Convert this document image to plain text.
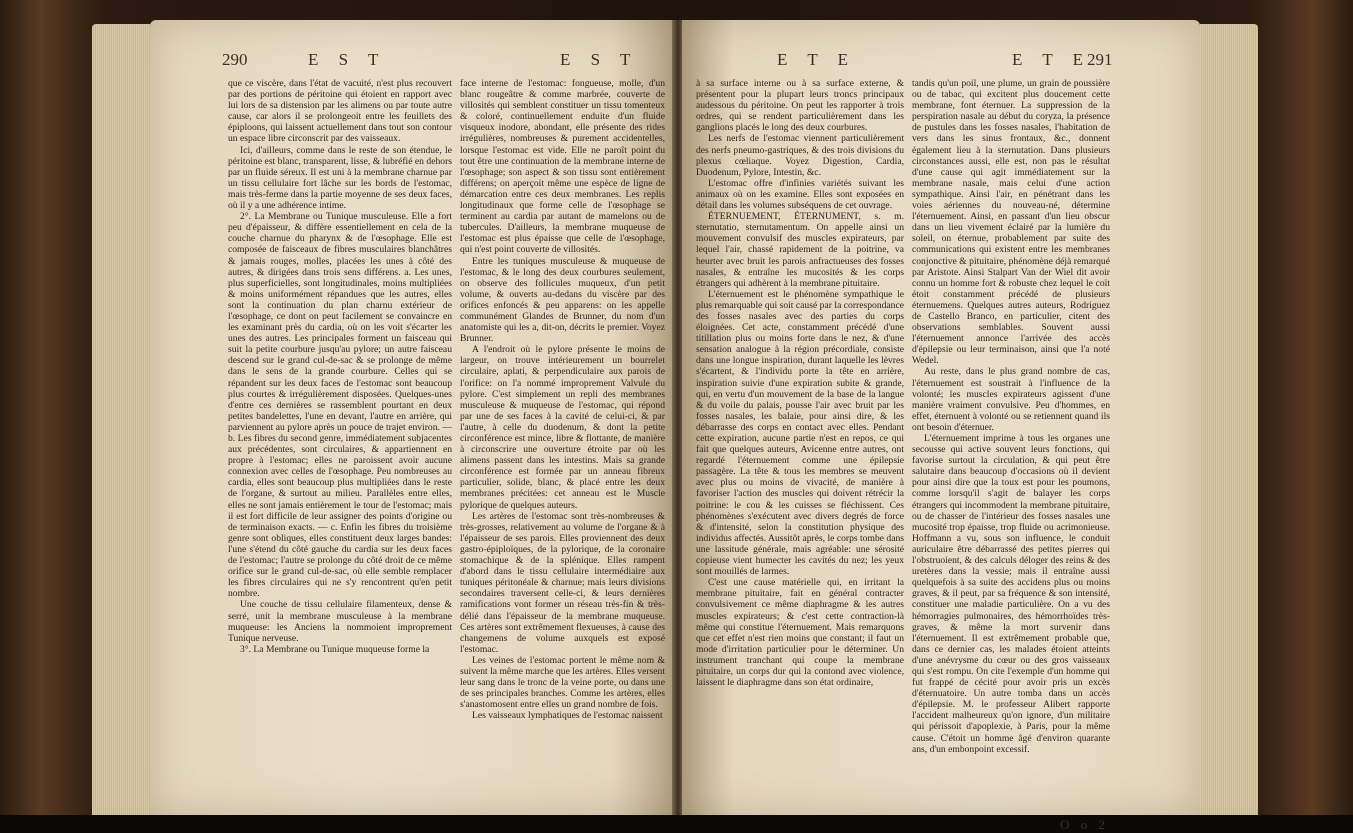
290	E S T	E S T

que ce viscère, dans l'état de vacuité, n'est plus recouvert par des portions de péritoine qui étoient en rapport avec lui lors de sa distension par les alimens ou par toute autre cause, car alors il se prolongeoit entre les feuillets des épiploons, qui laissent actuellement dans tout son contour un espace libre circonscrit par des vaisseaux.

Ici, d'ailleurs, comme dans le reste de son étendue, le péritoine est blanc, transparent, lisse, & lubréfié en dehors par un fluide séreux. Il est uni à la membrane charnue par un tissu cellulaire fort lâche sur les bords de l'estomac, mais très-ferme dans la partie moyenne de ses deux faces, où il y a une adhérence intime.

2°. La Membrane ou Tunique musculeuse. Elle a fort peu d'épaisseur, & diffère essentiellement en cela de la couche charnue du pharynx & de l'œsophage. Elle est composée de faisceaux de fibres musculaires blanchâtres & jamais rouges, molles, placées les unes à côté des autres, & dirigées dans trois sens différens. a. Les unes, plus superficielles, sont longitudinales, moins multipliées & moins uniformément répandues que les autres, elles sont la continuation du plan charnu extérieur de l'œsophage, ce dont on peut facilement se convaincre en les examinant près du cardia, où on les voit s'écarter les unes des autres. Les principales forment un faisceau qui suit la petite courbure jusqu'au pylore; un autre faisceau descend sur le grand cul-de-sac & se prolonge de même dans le sens de la grande courbure. Celles qui se répandent sur les deux faces de l'estomac sont beaucoup plus courtes & irrégulièrement disposées. Quelques-unes d'entre ces dernières se rassemblent pourtant en deux petites bandelettes, l'une en devant, l'autre en arrière, qui parviennent au pylore après un pouce de trajet environ. — b. Les fibres du second genre, immédiatement subjacentes aux précédentes, sont circulaires, & appartiennent en propre à l'estomac; elles ne paroissent avoir aucune connexion avec celles de l'œsophage. Peu nombreuses au cardia, elles sont beaucoup plus multipliées dans le reste de l'organe, & surtout au milieu. Parallèles entre elles, elles ne sont jamais entièrement le tour de l'estomac; mais il est fort difficile de leur assigner des points d'origine ou de terminaison exacts. — c. Enfin les fibres du troisième genre sont obliques, elles constituent deux larges bandes: l'une s'étend du côté gauche du cardia sur les deux faces de l'estomac; l'autre se prolonge du côté droit de ce même orifice sur le grand cul-de-sac, où elle semble remplacer les fibres circulaires qui ne s'y rencontrent qu'en petit nombre.

Une couche de tissu cellulaire filamenteux, dense & serré, unit la membrane musculeuse à la membrane muqueuse: les Anciens la nommoient improprement Tunique nerveuse.

3°. La Membrane ou Tunique muqueuse forme la

face interne de l'estomac: fongueuse, molle, d'un blanc rougeâtre & comme marbrée, couverte de villosités qui semblent constituer un tissu tomenteux & coloré, continuellement enduite d'un fluide visqueux inodore, abondant, elle présente des rides irrégulières, nombreuses & purement accidentelles, lorsque l'estomac est vide. Elle ne paroît point du tout être une continuation de la membrane interne de l'œsophage; son aspect & son tissu sont entièrement différens; on aperçoit même une espèce de ligne de démarcation entre ces deux membranes. Les replis longitudinaux que forme celle de l'œsophage se terminent au cardia par autant de mamelons ou de tubercules. D'ailleurs, la membrane muqueuse de l'estomac est plus épaisse que celle de l'œsophage, qui n'est point couverte de villosités.

Entre les tuniques musculeuse & muqueuse de l'estomac, & le long des deux courbures seulement, on observe des follicules muqueux, d'un petit volume, & ouverts au-dedans du viscère par des orifices enfoncés & peu apparens: on les appelle communément Glandes de Brunner, du nom d'un anatomiste qui les a, dit-on, décrits le premier. Voyez Brunner.

A l'endroit où le pylore présente le moins de largeur, on trouve intérieurement un bourrelet circulaire, aplati, & perpendiculaire aux parois de l'orifice: on l'a nommé improprement Valvule du pylore. C'est simplement un repli des membranes musculeuse & muqueuse de l'estomac, qui répond par une de ses faces à la cavité de celui-ci, & par l'autre, à celle du duodenum, & dont la petite circonférence est mince, libre & flottante, de manière à circonscrire une ouverture étroite par où les alimens passent dans les intestins. Mais sa grande circonférence est formée par un anneau fibreux particulier, solide, blanc, & placé entre les deux membranes précitées: cet anneau est le Muscle pylorique de quelques auteurs.

Les artères de l'estomac sont très-nombreuses & très-grosses, relativement au volume de l'organe & à l'épaisseur de ses parois. Elles proviennent des deux gastro-épiploïques, de la pylorique, de la coronaire stomachique & de la splénique. Elles rampent d'abord dans le tissu cellulaire intermédiaire aux tuniques péritonéale & charnue; mais leurs divisions secondaires traversent celle-ci, & leurs dernières ramifications vont former un réseau très-fin & très-délié dans l'épaisseur de la membrane muqueuse. Ces artères sont extrêmement flexueuses, à cause des changemens de volume auxquels est exposé l'estomac.

Les veines de l'estomac portent le même nom & suivent la même marche que les artères. Elles versent leur sang dans le tronc de la veine porte, ou dans une de ses principales branches. Comme les artères, elles s'anastomosent entre elles un grand nombre de fois.

Les vaisseaux lymphatiques de l'estomac naissent

E T E	E T E
291

à sa surface interne ou à sa surface externe, & présentent pour la plupart leurs troncs principaux audessous du péritoine. On peut les rapporter à trois ordres, qui se rendent particulièrement dans les ganglions placés le long des deux courbures.

Les nerfs de l'estomac viennent particulièrement des nerfs pneumo-gastriques, & des trois divisions du plexus cœliaque. Voyez Digestion, Cardia, Duodenum, Pylore, Intestin, &c.

L'estomac offre d'infinies variétés suivant les animaux où on les examine. Elles sont exposées en détail dans les volumes subséquens de cet ouvrage.

ÉTERNUEMENT, ÉTERNUMENT, s. m. sternutatio, sternutamentum. On appelle ainsi un mouvement convulsif des muscles expirateurs, par lequel l'air, chassé rapidement de la poitrine, va heurter avec bruit les parois anfractueuses des fosses nasales, & entraîne les mucosités & les corps étrangers qui adhèrent à la membrane pituitaire.

L'éternuement est le phénomène sympathique le plus remarquable qui soit causé par la correspondance des fosses nasales avec des parties du corps éloignées. Cet acte, constamment précédé d'une titillation plus ou moins forte dans le nez, & d'une sensation analogue à la région précordiale, consiste dans une longue inspiration, durant laquelle les lèvres s'écartent, & l'individu porte la tête en arrière, inspiration suivie d'une expiration subite & grande, qui, en vertu d'un mouvement de la base de la langue & du voile du palais, pousse l'air avec bruit par les fosses nasales, les balaie, pour ainsi dire, & les débarrasse des corps en contact avec elles. Pendant cette expiration, aucune partie n'est en repos, ce qui fait que quelques auteurs, Avicenne entre autres, ont regardé l'éternuement comme une épilepsie passagère. La tête & tous les membres se meuvent avec plus ou moins de vivacité, de manière à favoriser l'action des muscles qui doivent rétrécir la poitrine: le cou & les cuisses se fléchissent. Ces phénomènes s'exécutent avec divers degrés de force & d'intensité, selon la constitution physique des individus affectés. Aussitôt après, le corps tombe dans une lassitude générale, mais agréable: une sérosité copieuse vient humecter les cavités du nez; les yeux sont mouillés de larmes.

C'est une cause matérielle qui, en irritant la membrane pituitaire, fait en général contracter convulsivement ce même diaphragme & les autres muscles expirateurs; & c'est cette contraction-là même qui constitue l'éternuement. Mais remarquons que cet effet n'est rien moins que constant; il faut un mode d'irritation particulier pour le déterminer. Un instrument tranchant qui coupe la membrane pituitaire, un corps dur qui la contond avec violence, laissent le diaphragme dans son état ordinaire,

tandis qu'un poil, une plume, un grain de poussière ou de tabac, qui excitent plus doucement cette membrane, font éternuer. La suppression de la perspiration nasale au début du coryza, la présence de pustules dans les fosses nasales, l'habitation de vers dans les sinus frontaux, &c., donnent également lieu à la sternutation. Dans plusieurs circonstances aussi, elle est, non pas le résultat d'une cause qui agit immédiatement sur la membrane nasale, mais celui d'une action sympathique. Ainsi l'air, en pénétrant dans les voies aériennes du nouveau-né, détermine l'éternuement. Ainsi, en passant d'un lieu obscur dans un lieu vivement éclairé par la lumière du soleil, on éternue, probablement par suite des communications qui existent entre les membranes conjonctive & pituitaire, phénomène déjà remarqué par Aristote. Ainsi Stalpart Van der Wiel dit avoir connu un homme fort & robuste chez lequel le coït étoit constamment précédé de plusieurs éternuemens. Quelques autres auteurs, Rodriguez de Castello Branco, en particulier, citent des observations semblables. Souvent aussi l'éternuement annonce l'arrivée des accès d'épilepsie ou leur terminaison, ainsi que l'a noté Wedel.

Au reste, dans le plus grand nombre de cas, l'éternuement est soustrait à l'influence de la volonté; les muscles expirateurs agissent d'une manière vraiment convulsive. Peu d'hommes, en effet, éternuent à volonté ou se retiennent quand ils ont besoin d'éternuer.

L'éternuement imprime à tous les organes une secousse qui active souvent leurs fonctions, qui favorise surtout la circulation, & qui peut être salutaire dans beaucoup d'occasions où il devient pour ainsi dire que la toux est pour les poumons, comme lorsqu'il s'agit de balayer les corps étrangers qui incommodent la membrane pituitaire, ou de chasser de l'intérieur des fosses nasales une mucosité trop épaisse, trop fluide ou acrimonieuse. Hoffmann a vu, sous son influence, le conduit auriculaire être débarrassé des petites pierres qui l'obstruoient, & des calculs déloger des reins & des uretères dans la vessie; mais il entraîne aussi quelquefois à sa suite des accidens plus ou moins graves, & il peut, par sa fréquence & son intensité, constituer une maladie particulière. On a vu des hémorragies pulmonaires, des hémorrhoïdes très-graves, & même la mort survenir dans l'éternuement. Il est extrêmement probable que, dans ce dernier cas, les malades étoient atteints d'une anévrysme du cœur ou des gros vaisseaux qui s'est rompu. On cite l'exemple d'un homme qui fut frappé de cécité pour avoir pris un excès d'éternuatoire. Un autre tomba dans un accès d'épilepsie. M. le professeur Alibert rapporte l'accident malheureux qu'on ignore, d'un militaire qui périssoit d'apoplexie, à Paris, pour la même cause. C'étoit un homme âgé d'environ quarante ans, d'un embonpoint excessif.

O o 2
